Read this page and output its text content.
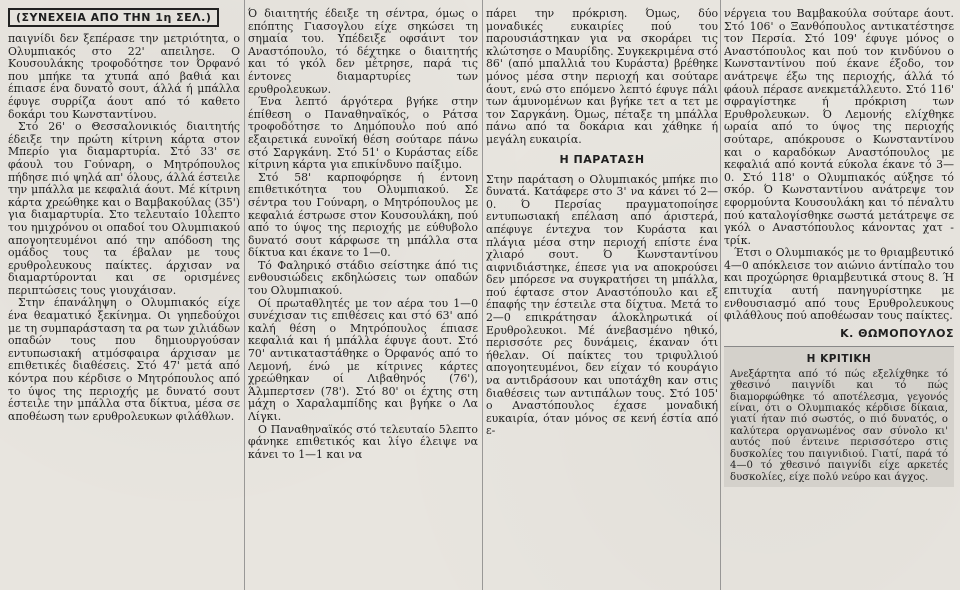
(ΣΥΝΕΧΕΙΑ ΑΠΟ ΤΗΝ 1η ΣΕΛ.)

παιγνίδι δεν ξεπέρασε την μετριότητα, ο Ολυμπιακός στο 22' απειλησε. Ο Κουσουλάκης τροφοδότησε τον Όρφανό που μπήκε τα χτυπά από βαθιά και έπιασε ένα δυνατό σουτ, άλλά ή μπάλλα έφυγε συρρίζα άουτ από τό καθετο δοκάρι του Κωνσταντίνου.

Στό 26' ο Θεσσαλονικιός διαιτητής έδειξε την πρώτη κίτρινη κάρτα στον Μπερίο για διαμαρτυρία. Στό 33' σε φάουλ του Γούναρη, ο Μητρόπουλος πήδησε πιό ψηλά απ' όλους, άλλά έστειλε την μπάλλα με κεφαλιά άουτ. Μέ κίτρινη κάρτα χρεώθηκε και ο Βαμβακούλας (35') για διαμαρτυρία. Στο τελευταίο 10λεπτο του ημιχρόνου οι οπαδοί του Ολυμπιακού απογοητευμένοι από την απόδοση της ομάδος τους τα έβαλαν με τους ερυθρολευκους παίκτες. άρχισαν να διαμαρτύρονται και σε ορισμένες περιπτώσεις τους γιουχάισαν.

Στην έπανάληψη ο Ολυμπιακός είχε ένα θεαματικό ξεκίνημα. Οι γηπεδούχοι με τη συμπαράσταση τα ρα των χιλιάδων οπαδών τους που δημιουργούσαν εντυπωσιακή ατμόσφαιρα άρχισαν με επιθετικές διαθέσεις. Στό 47' μετά από κόντρα που κέρδισε ο Μητρόπουλος από το ύψος της περιοχής με δυνατό σουτ έστειλε την μπάλλα στα δίκτυα, μέσα σε αποθέωση των ερυθρολευκων φιλάθλων.

Ό διαιτητής έδειξε τη σέντρα, όμως ο επόπτης Γιασογλου είχε σηκώσει τη σημαία του. Υπέδειξε οφσάιντ τον Αναστόπουλο, τό δέχτηκε ο διαιτητής και τό γκόλ δεν μέτρησε, παρά τις έντονες διαμαρτυρίες των ερυθρολευκων.

Ένα λεπτό άργότερα βγήκε στην έπίθεση ο Παναθηναϊκός, ο Ράτσα τροφοδότησε το Δημόπουλο πού από εξαιρετικά ευνοϊκή θέση σούταρε πάνω στό Σαργκάνη. Στό 51' ο Κυράστας είδε κίτρινη κάρτα για επικίνδυνο παίξιμο.

Στό 58' καρποφόρησε ή έντονη επιθετικότητα του Ολυμπιακού. Σε σέντρα του Γούναρη, ο Μητρόπουλος με κεφαλιά έστρωσε στον Κουσουλάκη, πού από το ύψος της περιοχής με εύθυβολο δυνατό σουτ κάρφωσε τη μπάλλα στα δίκτυα και έκανε το 1—0.

Τό Φαληρικό στάδιο σείστηκε άπό τις ενθουσιώδεις εκδηλώσεις των οπαδών του Ολυμπιακού.

Οί πρωταθλητές με τον αέρα του 1—0 συνέχισαν τις επιθέσεις και στό 63' από καλή θέση ο Μητρόπουλος έπιασε κεφαλιά και ή μπάλλα έφυγε άουτ. Στό 70' αντικαταστάθηκε ο Όρφανός από το Λεμονή, ένώ με κίτρινες κάρτες χρεώθηκαν οί Λιβαθηνός (76'), Άλμπερτσεν (78'). Στό 80' οι έχτης στη μάχη ο Χαραλαμπίδης και βγήκε ο Λα Λίγκι.

Ο Παναθηναϊκός στό τελευταίο 5λεπτο φάνηκε επιθετικός και λίγο έλειψε να κάνει το 1—1 και να

πάρει την πρόκριση. Όμως, δύο μοναδικές ευκαιρίες πού του παρουσιάστηκαν για να σκοράρει τις κλώτσησε ο Μαυρίδης. Συγκεκριμένα στό 86' (από μπαλλιά του Κυράστα) βρέθηκε μόνος μέσα στην περιοχή και σούταρε άουτ, ενώ στο επόμενο λεπτό έφυγε πάλι των άμυνομένων και βγήκε τετ α τετ με τον Σαργκάνη. Όμως, πέταξε τη μπάλλα πάνω από τα δοκάρια και χάθηκε ή μεγάλη ευκαιρία.

Η ΠΑΡΑΤΑΣΗ

Στην παράταση ο Ολυμπιακός μπήκε πιο δυνατά. Κατάφερε στο 3' να κάνει τό 2—0. Ό Περσίας πραγματοποίησε εντυπωσιακή επέλαση από άριστερά, απέφυγε έντεχνα τον Κυράστα και πλάγια μέσα στην περιοχή επίστε ένα χλιαρό σουτ. Ό Κωνσταντίνου αιφνιδιάστηκε, έπεσε για να αποκρούσει δεν μπόρεσε να συγκρατήσει τη μπάλλα, πού έφτασε στον Αναστόπουλο και εξ έπαφής την έστειλε στα δίχτυα. Μετά το 2—0 επικράτησαν άλοκληρωτικά οί Ερυθρολευκοι. Μέ άνεβασμένο ηθικό, περισσότε ρες δυνάμεις, έκαναν ότι ήθελαν. Οί παίκτες του τριφυλλιού απογοητευμένοι, δεν είχαν τό κουράγιο να αντιδράσουν και υποτάχθη καν στις διαθέσεις των αντιπάλων τους. Στό 105' ο Αναστόπουλος έχασε μοναδική ευκαιρία, όταν μόνος σε κενή έστία από ε-

νέργεια του Βαμβακούλα σούταρε άουτ. Στό 106' ο Ξανθόπουλος αντικατέστησε τον Περσία. Στό 109' έφυγε μόνος ο Αναστόπουλος και πού τον κινδύνου ο Κωνσταντίνου πού έκανε έξοδο, τον ανάτρεψε έξω της περιοχής, άλλά τό φάουλ πέρασε ανεκμετάλλευτο. Στό 116' σφραγίστηκε ή πρόκριση των Ερυθρολευκων. Ό Λεμονής ελίχθηκε ωραία από το ύψος της περιοχής σούταρε, απόκρουσε ο Κωνσταντίνου και ο καραδόκων Αναστόπουλος με κεφαλιά από κοντά εύκολα έκανε τό 3—0. Στό 118' ο Ολυμπιακός αύξησε τό σκόρ. Ό Κωνσταντίνου ανάτρεψε τον εφορμούντα Κουσουλάκη και τό πέναλτυ πού καταλογίσθηκε σωστά μετάτρεψε σε γκόλ ο Αναστόπουλος κάνοντας χατ - τρίκ.

Έτσι ο Ολυμπιακός με το θριαμβευτικό 4—0 απόκλεισε τον αιώνιο άντίπαλο του και προχώρησε θριαμβευτικά στους 8. Ή επιτυχία αυτή πανηγυρίστηκε με ενθουσιασμό από τους Ερυθρολευκους φιλάθλους πού αποθέωσαν τους παίκτες.

Κ. ΘΩΜΟΠΟΥΛΟΣ
Η ΚΡΙΤΙΚΗ
Ανεξάρτητα από τό πώς εξελίχθηκε τό χθεσινό παιγνίδι και τό πώς διαμορφώθηκε τό αποτέλεσμα, γεγονός είναι, ότι ο Ολυμπιακός κέρδισε δίκαια, γιατί ήταν πιό σωστός, ο πιό δυνατός, ο καλύτερα οργανωμένος σαν σύνολο κι' αυτός πού έντεινε περισσότερο στις δυσκολίες του παιγνιδιού. Γιατί, παρά τό 4—0 τό χθεσινό παιγνίδι είχε αρκετές δυσκολίες, είχε πολύ νεύρο και άγχος.
